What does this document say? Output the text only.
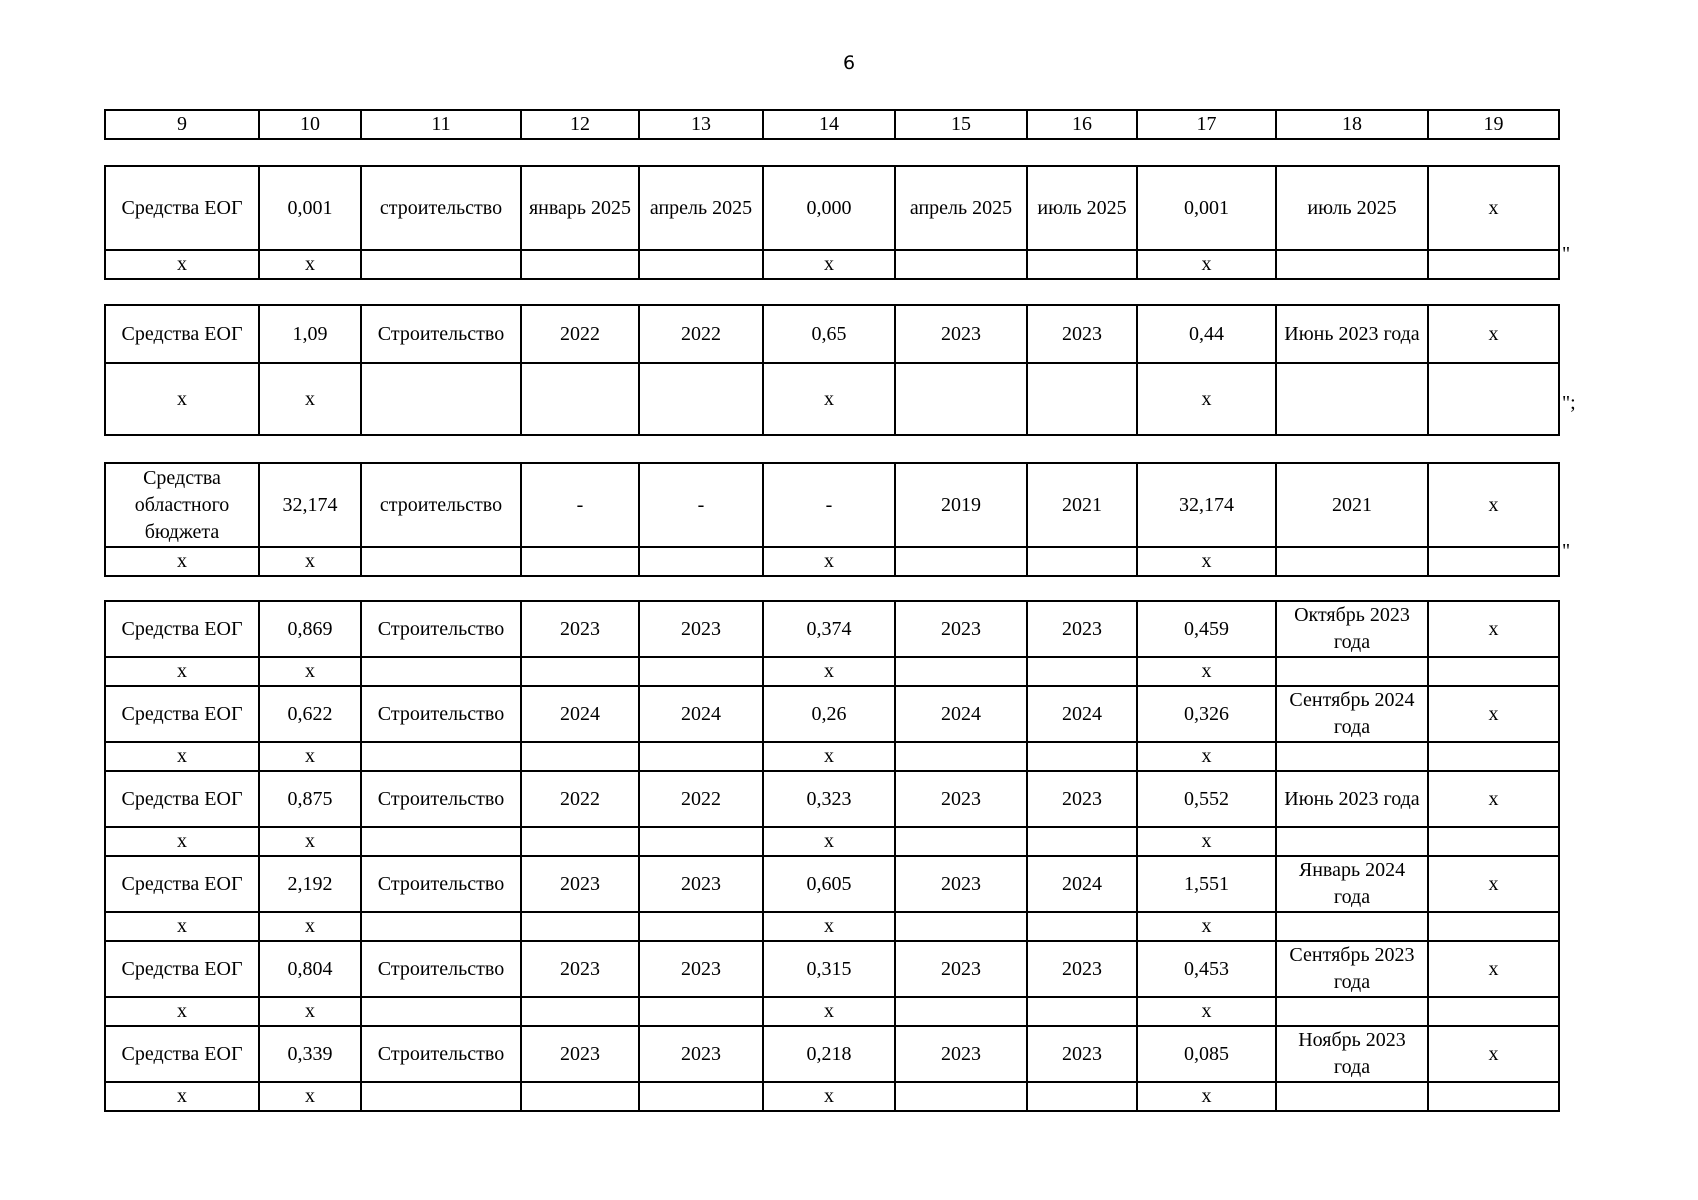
6
9	10	11	12	13	14	15	16	17	18	19
Средства ЕОГ	0,001	строительство	январь 2025	апрель 2025	0,000	апрель 2025	июль 2025	0,001	июль 2025	х
х	х				х			х			"
Средства ЕОГ	1,09	Строительство	2022	2022	0,65	2023	2023	0,44	Июнь 2023 года	х
х	х				х			х			";
Средства областного бюджета	32,174	строительство	-	-	-	2019	2021	32,174	2021	х
х	х				х			х			"
Средства ЕОГ	0,869	Строительство	2023	2023	0,374	2023	2023	0,459	Октябрь 2023 года	х
х	х				х			х		
Средства ЕОГ	0,622	Строительство	2024	2024	0,26	2024	2024	0,326	Сентябрь 2024 года	х
х	х				х			х		
Средства ЕОГ	0,875	Строительство	2022	2022	0,323	2023	2023	0,552	Июнь 2023 года	х
х	х				х			х		
Средства ЕОГ	2,192	Строительство	2023	2023	0,605	2023	2024	1,551	Январь 2024 года	х
х	х				х			х		
Средства ЕОГ	0,804	Строительство	2023	2023	0,315	2023	2023	0,453	Сентябрь 2023 года	х
х	х				х			х		
Средства ЕОГ	0,339	Строительство	2023	2023	0,218	2023	2023	0,085	Ноябрь 2023 года	х
х	х				х			х		
